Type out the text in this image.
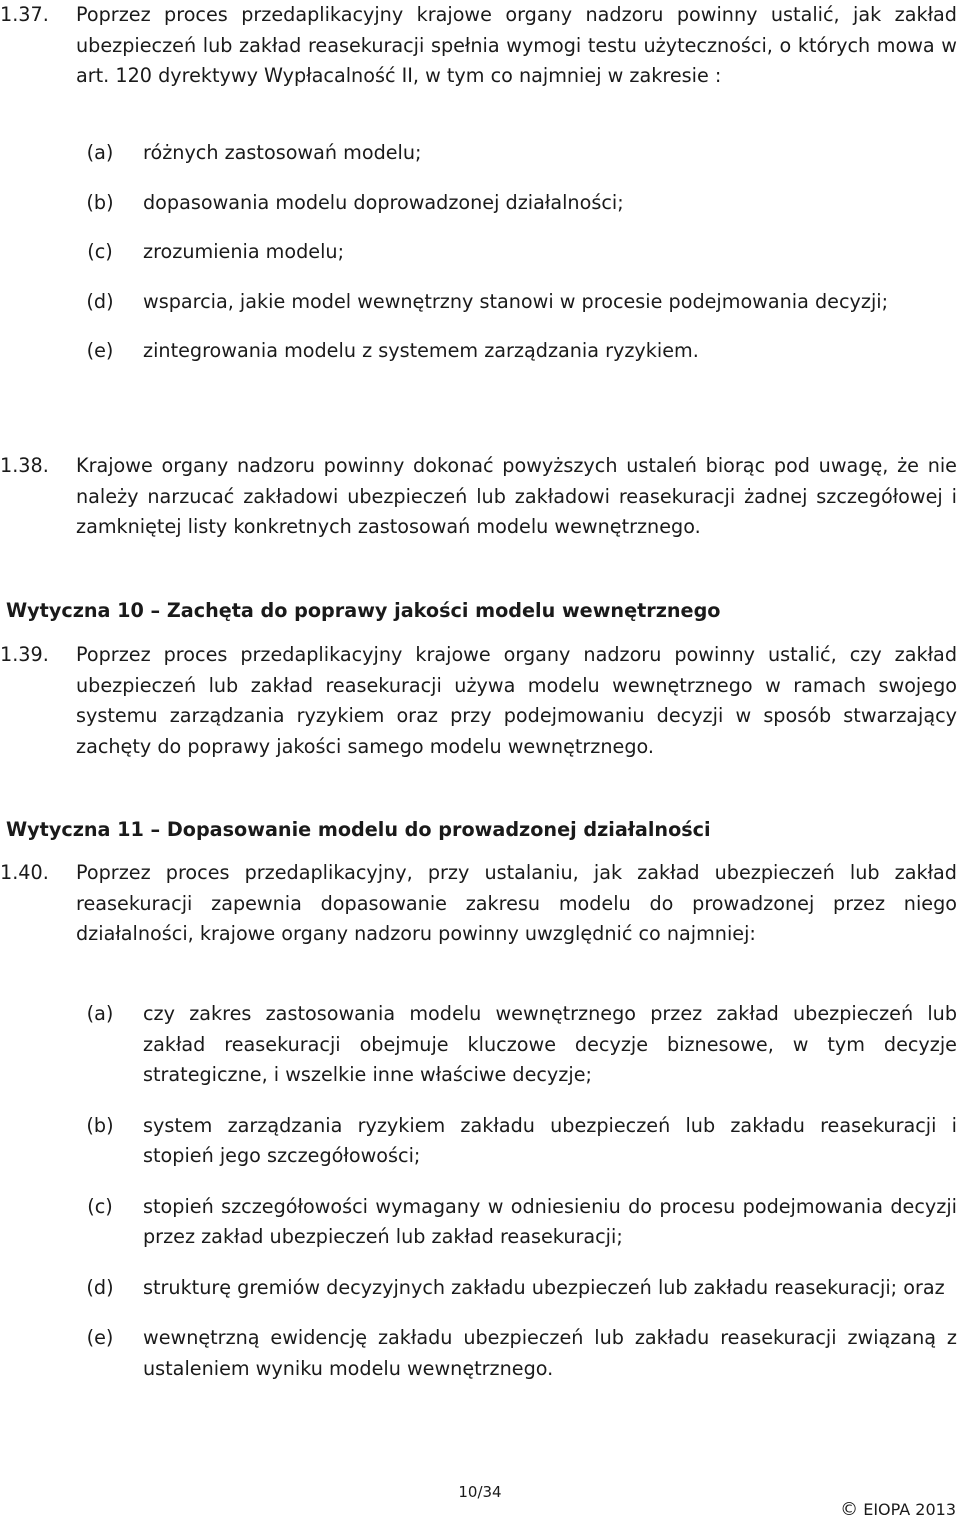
1.37. Poprzez proces przedaplikacyjny krajowe organy nadzoru powinny ustalić, jak zakład ubezpieczeń lub zakład reasekuracji spełnia wymogi testu użyteczności, o których mowa w art. 120 dyrektywy Wypłacalność II, w tym co najmniej w zakresie :
(a)	różnych zastosowań modelu;
(b)	dopasowania modelu doprowadzonej działalności;
(c)	zrozumienia modelu;
(d)	wsparcia, jakie model wewnętrzny stanowi w procesie podejmowania decyzji;
(e)	zintegrowania modelu z systemem zarządzania ryzykiem.
1.38. Krajowe organy nadzoru powinny dokonać powyższych ustaleń biorąc pod uwagę, że nie należy narzucać zakładowi ubezpieczeń lub zakładowi reasekuracji żadnej szczegółowej i zamkniętej listy konkretnych zastosowań modelu wewnętrznego.
Wytyczna 10 – Zachęta do poprawy jakości modelu wewnętrznego
1.39. Poprzez proces przedaplikacyjny krajowe organy nadzoru powinny ustalić, czy zakład ubezpieczeń lub zakład reasekuracji używa modelu wewnętrznego w ramach swojego systemu zarządzania ryzykiem oraz przy podejmowaniu decyzji w sposób stwarzający zachęty do poprawy jakości samego modelu wewnętrznego.
Wytyczna 11 – Dopasowanie modelu do prowadzonej działalności
1.40. Poprzez proces przedaplikacyjny, przy ustalaniu, jak zakład ubezpieczeń lub zakład reasekuracji zapewnia dopasowanie zakresu modelu do prowadzonej przez niego działalności, krajowe organy nadzoru powinny uwzględnić co najmniej:
(a)	czy zakres zastosowania modelu wewnętrznego przez zakład ubezpieczeń lub zakład reasekuracji obejmuje kluczowe decyzje biznesowe, w tym decyzje strategiczne, i wszelkie inne właściwe decyzje;
(b)	system zarządzania ryzykiem zakładu ubezpieczeń lub zakładu reasekuracji i stopień jego szczegółowości;
(c)	stopień szczegółowości wymagany w odniesieniu do procesu podejmowania decyzji przez zakład ubezpieczeń lub zakład reasekuracji;
(d)	strukturę gremiów decyzyjnych zakładu ubezpieczeń lub zakładu reasekuracji; oraz
(e)	wewnętrzną ewidencję zakładu ubezpieczeń lub zakładu reasekuracji związaną z ustaleniem wyniku modelu wewnętrznego.
10/34
© EIOPA 2013
